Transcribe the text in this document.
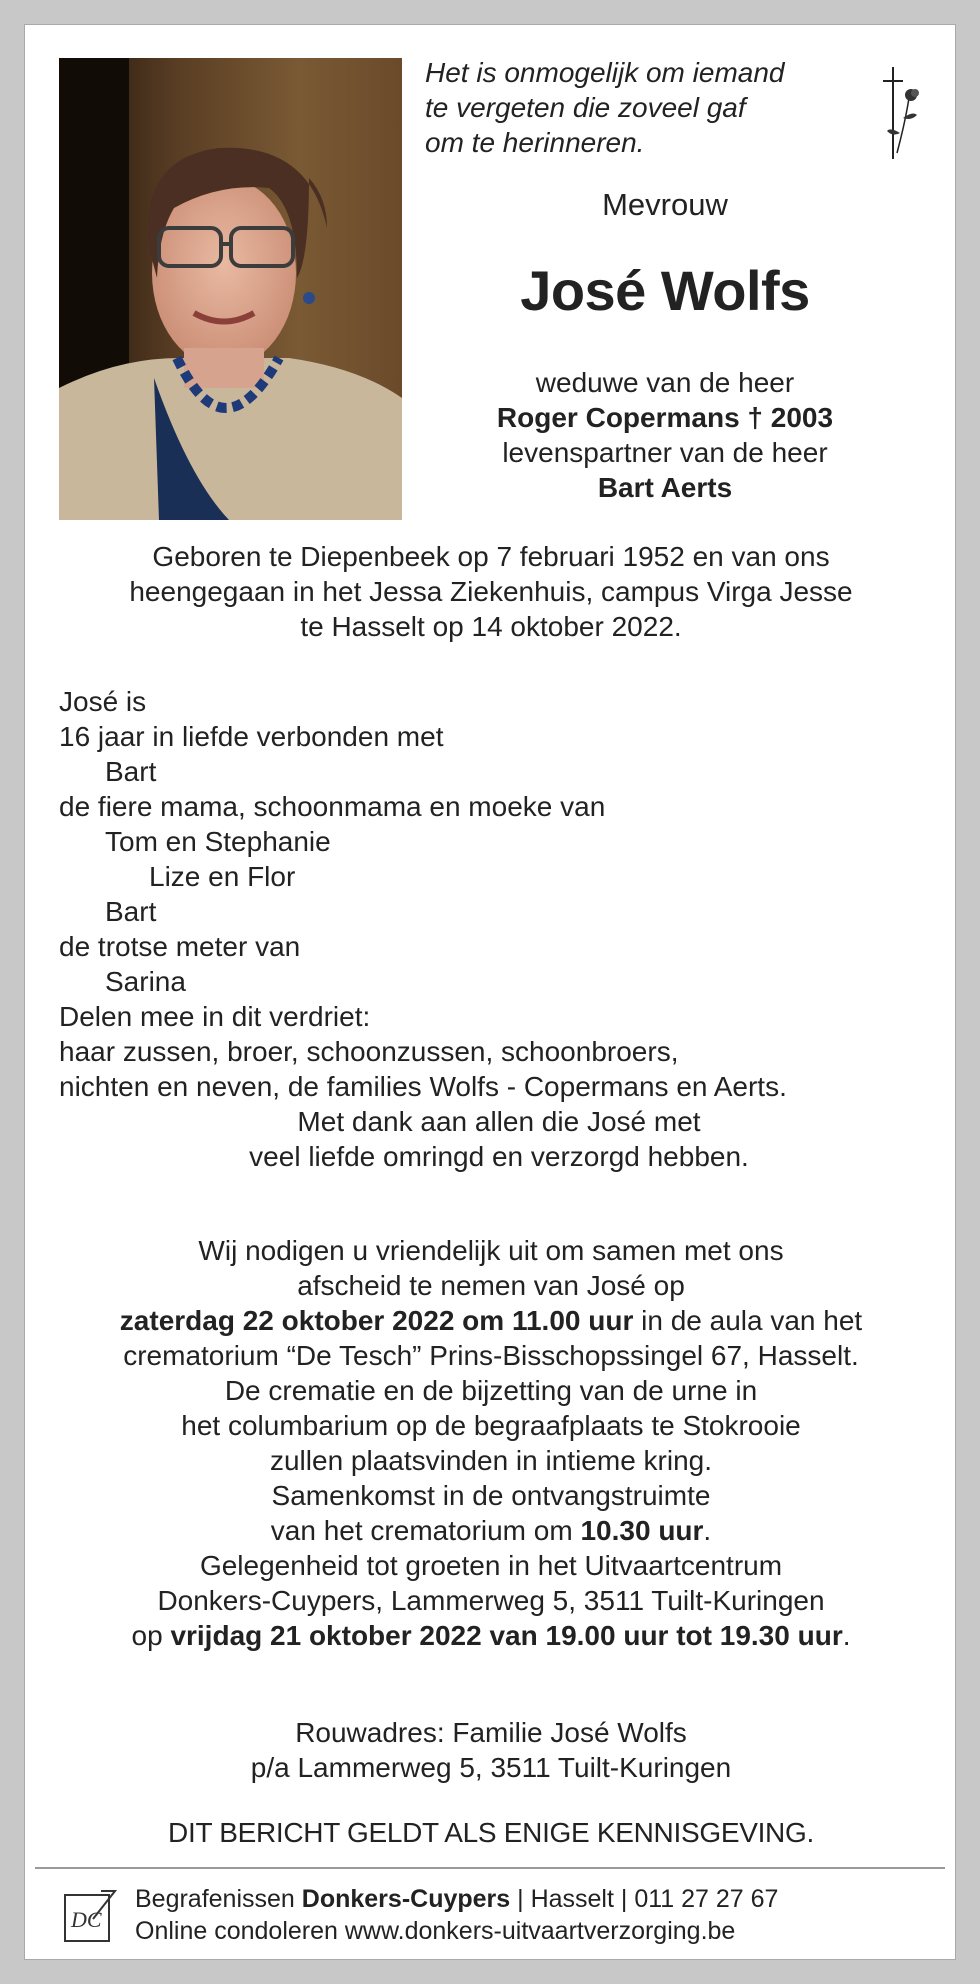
Het is onmogelijk om iemand
te vergeten die zoveel gaf
om te herinneren.
Mevrouw
José Wolfs
weduwe van de heer
Roger Copermans † 2003
levenspartner van de heer
Bart Aerts
Geboren te Diepenbeek op 7 februari 1952 en van ons
heengegaan in het Jessa Ziekenhuis, campus Virga Jesse
te Hasselt op 14 oktober 2022.
José is
16 jaar in liefde verbonden met
Bart
de fiere mama, schoonmama en moeke van
Tom en Stephanie
Lize en Flor
Bart
de trotse meter van
Sarina
Delen mee in dit verdriet:
haar zussen, broer, schoonzussen, schoonbroers,
nichten en neven, de families Wolfs - Copermans en Aerts.
Met dank aan allen die José met
veel liefde omringd en verzorgd hebben.
Wij nodigen u vriendelijk uit om samen met ons
afscheid te nemen van José op
zaterdag 22 oktober 2022 om 11.00 uur in de aula van het
crematorium “De Tesch” Prins-Bisschopssingel 67, Hasselt.
De crematie en de bijzetting van de urne in
het columbarium op de begraafplaats te Stokrooie
zullen plaatsvinden in intieme kring.
Samenkomst in de ontvangstruimte
van het crematorium om 10.30 uur.
Gelegenheid tot groeten in het Uitvaartcentrum
Donkers-Cuypers, Lammerweg 5, 3511 Tuilt-Kuringen
op vrijdag 21 oktober 2022 van 19.00 uur tot 19.30 uur.
Rouwadres: Familie José Wolfs
p/a Lammerweg 5, 3511 Tuilt-Kuringen
DIT BERICHT GELDT ALS ENIGE KENNISGEVING.
DC
Begrafenissen Donkers-Cuypers | Hasselt | 011 27 27 67
Online condoleren www.donkers-uitvaartverzorging.be
